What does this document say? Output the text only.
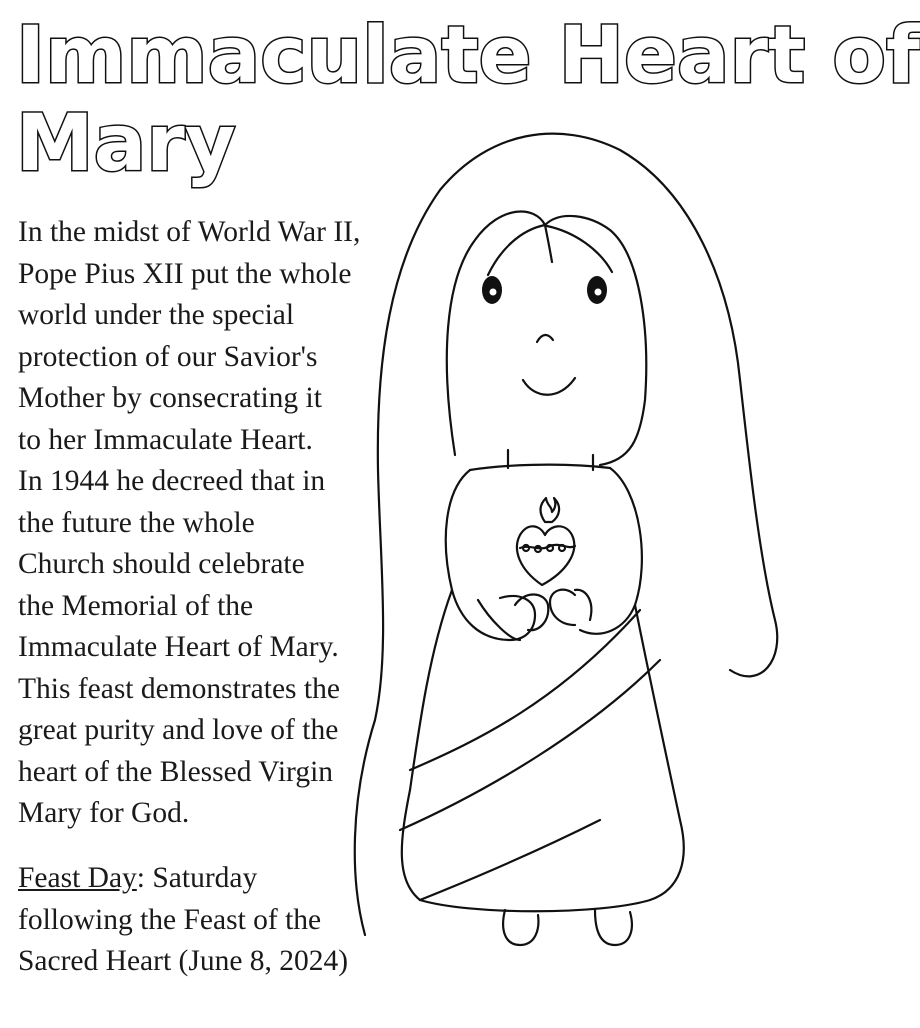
Immaculate Heart of
Mary
In the midst of World War II,
Pope Pius XII put the whole
world under the special
protection of our Savior's
Mother by consecrating it
to her Immaculate Heart.
In 1944 he decreed that in
the future the whole
Church should celebrate
the Memorial of the
Immaculate Heart of Mary.
This feast demonstrates the
great purity and love of the
heart of the Blessed Virgin
Mary for God.
Feast Day: Saturday
following the Feast of the
Sacred Heart (June 8, 2024)
